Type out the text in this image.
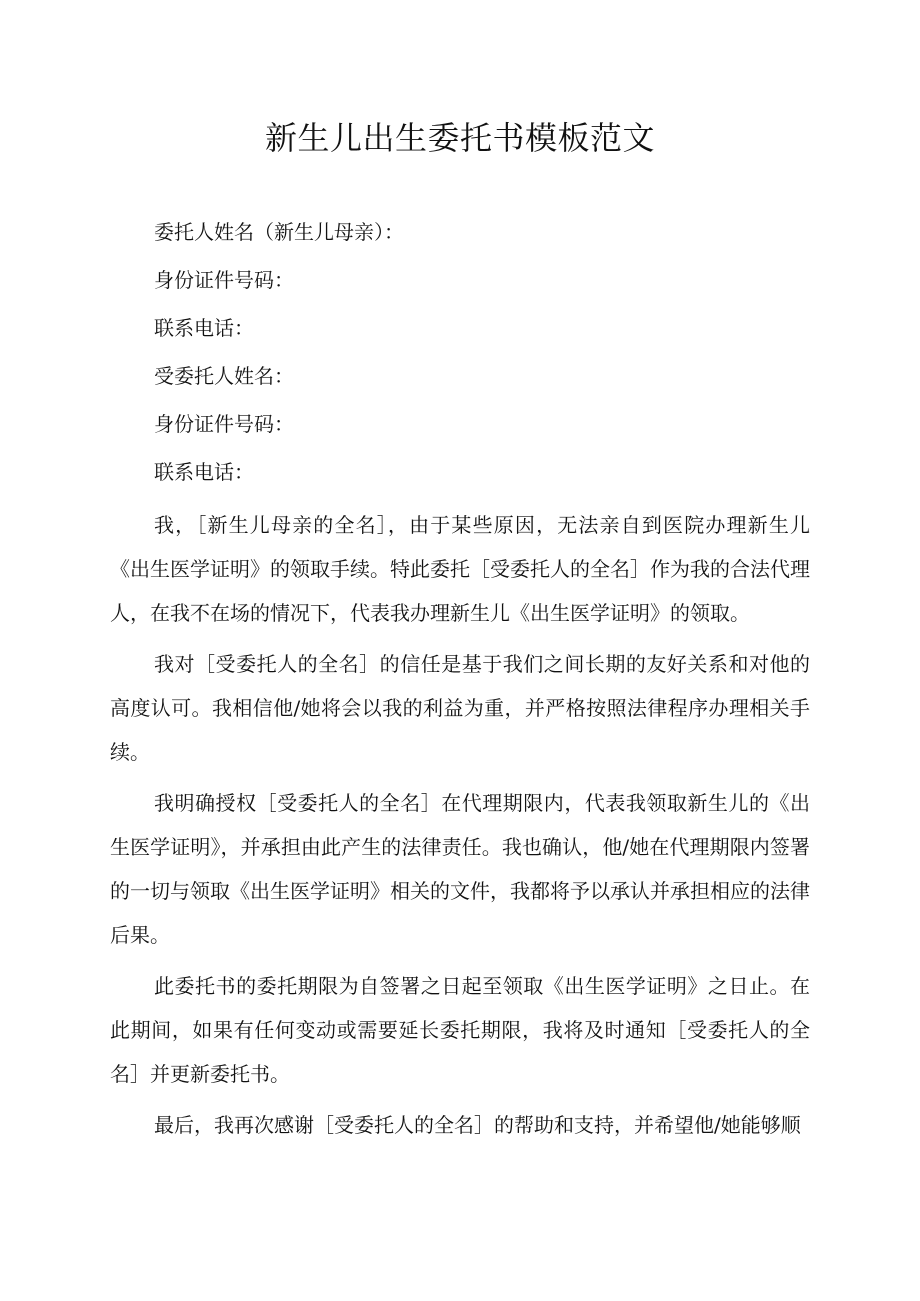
新生儿出生委托书模板范文
委托人姓名（新生儿母亲）：
身份证件号码：
联系电话：
受委托人姓名：
身份证件号码：
联系电话：

我，［新生儿母亲的全名］，由于某些原因，无法亲自到医院办理新生儿《出生医学证明》的领取手续。特此委托［受委托人的全名］作为我的合法代理人，在我不在场的情况下，代表我办理新生儿《出生医学证明》的领取。

我对［受委托人的全名］的信任是基于我们之间长期的友好关系和对他的高度认可。我相信他/她将会以我的利益为重，并严格按照法律程序办理相关手续。

我明确授权［受委托人的全名］在代理期限内，代表我领取新生儿的《出生医学证明》，并承担由此产生的法律责任。我也确认，他/她在代理期限内签署的一切与领取《出生医学证明》相关的文件，我都将予以承认并承担相应的法律后果。

此委托书的委托期限为自签署之日起至领取《出生医学证明》之日止。在此期间，如果有任何变动或需要延长委托期限，我将及时通知［受委托人的全名］并更新委托书。

最后，我再次感谢［受委托人的全名］的帮助和支持，并希望他/她能够顺
